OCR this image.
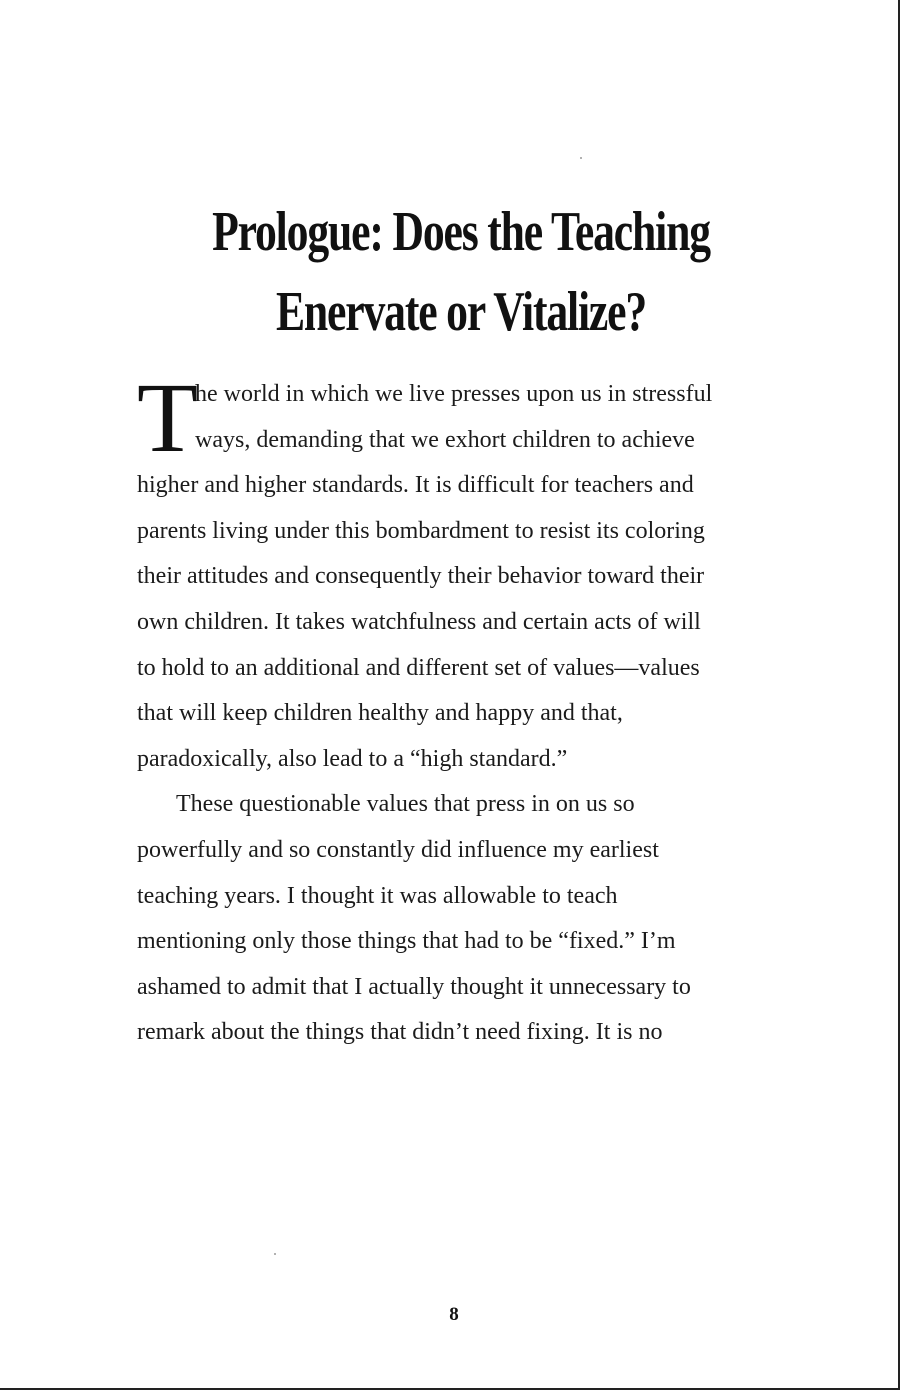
Prologue: Does the Teaching
Enervate or Vitalize?
T
he world in which we live presses upon us in stressful
ways, demanding that we exhort children to achieve
higher and higher standards. It is difficult for teachers and
parents living under this bombardment to resist its coloring
their attitudes and consequently their behavior toward their
own children. It takes watchfulness and certain acts of will
to hold to an additional and different set of values—values
that will keep children healthy and happy and that,
paradoxically, also lead to a “high standard.”
These questionable values that press in on us so
powerfully and so constantly did influence my earliest
teaching years. I thought it was allowable to teach
mentioning only those things that had to be “fixed.” I’m
ashamed to admit that I actually thought it unnecessary to
remark about the things that didn’t need fixing. It is no
8
